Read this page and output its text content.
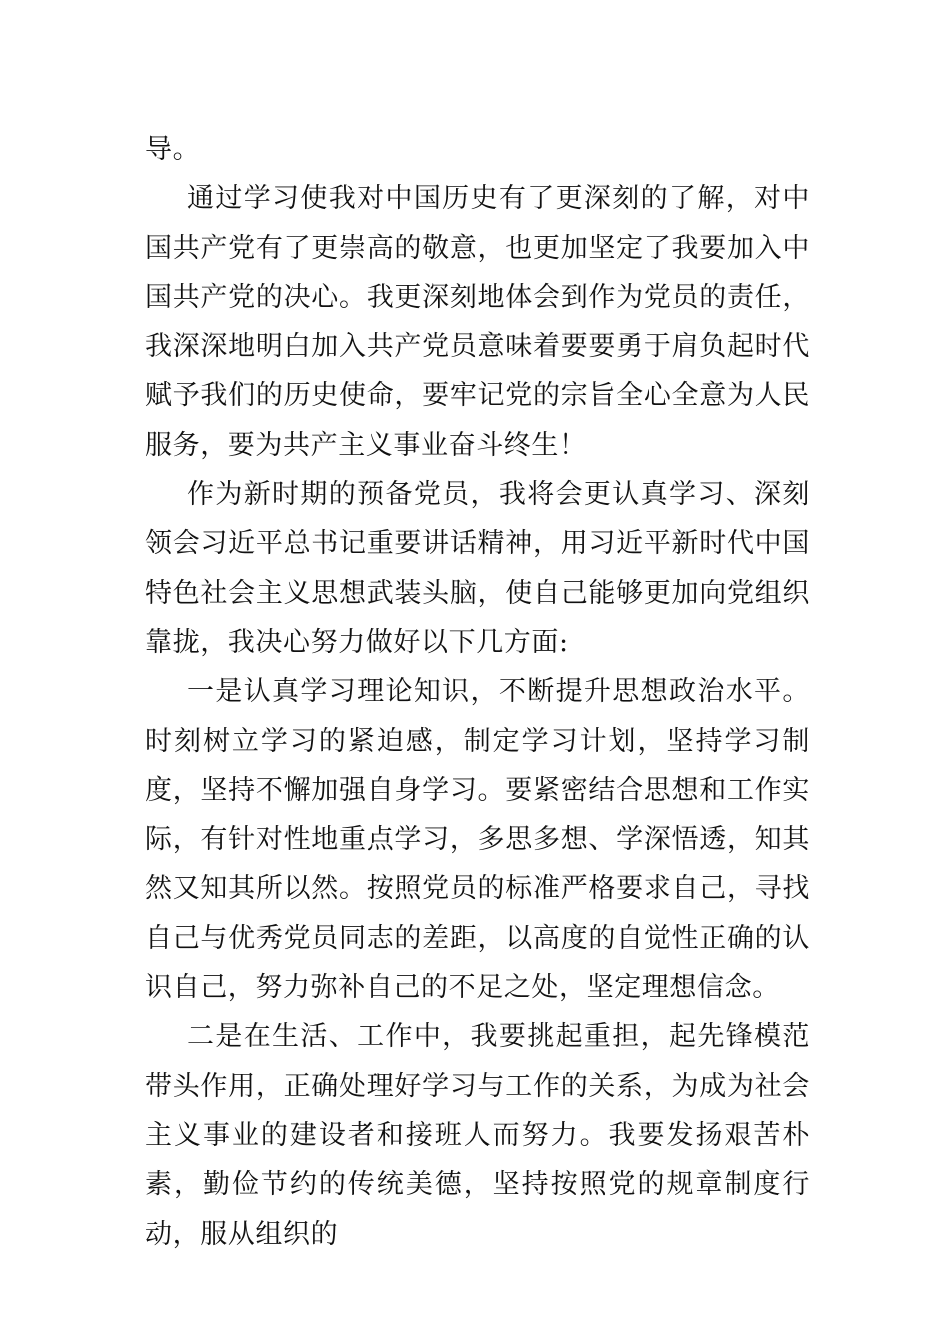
导。

通过学习使我对中国历史有了更深刻的了解，对中国共产党有了更崇高的敬意，也更加坚定了我要加入中国共产党的决心。我更深刻地体会到作为党员的责任，我深深地明白加入共产党员意味着要要勇于肩负起时代赋予我们的历史使命，要牢记党的宗旨全心全意为人民服务，要为共产主义事业奋斗终生！

作为新时期的预备党员，我将会更认真学习、深刻领会习近平总书记重要讲话精神，用习近平新时代中国特色社会主义思想武装头脑，使自己能够更加向党组织靠拢，我决心努力做好以下几方面:

一是认真学习理论知识，不断提升思想政治水平。时刻树立学习的紧迫感，制定学习计划，坚持学习制度，坚持不懈加强自身学习。要紧密结合思想和工作实际，有针对性地重点学习，多思多想、学深悟透，知其然又知其所以然。按照党员的标准严格要求自己，寻找自己与优秀党员同志的差距，以高度的自觉性正确的认识自己，努力弥补自己的不足之处，坚定理想信念。

二是在生活、工作中，我要挑起重担，起先锋模范带头作用，正确处理好学习与工作的关系，为成为社会主义事业的建设者和接班人而努力。我要发扬艰苦朴素，勤俭节约的传统美德，坚持按照党的规章制度行动，服从组织的
